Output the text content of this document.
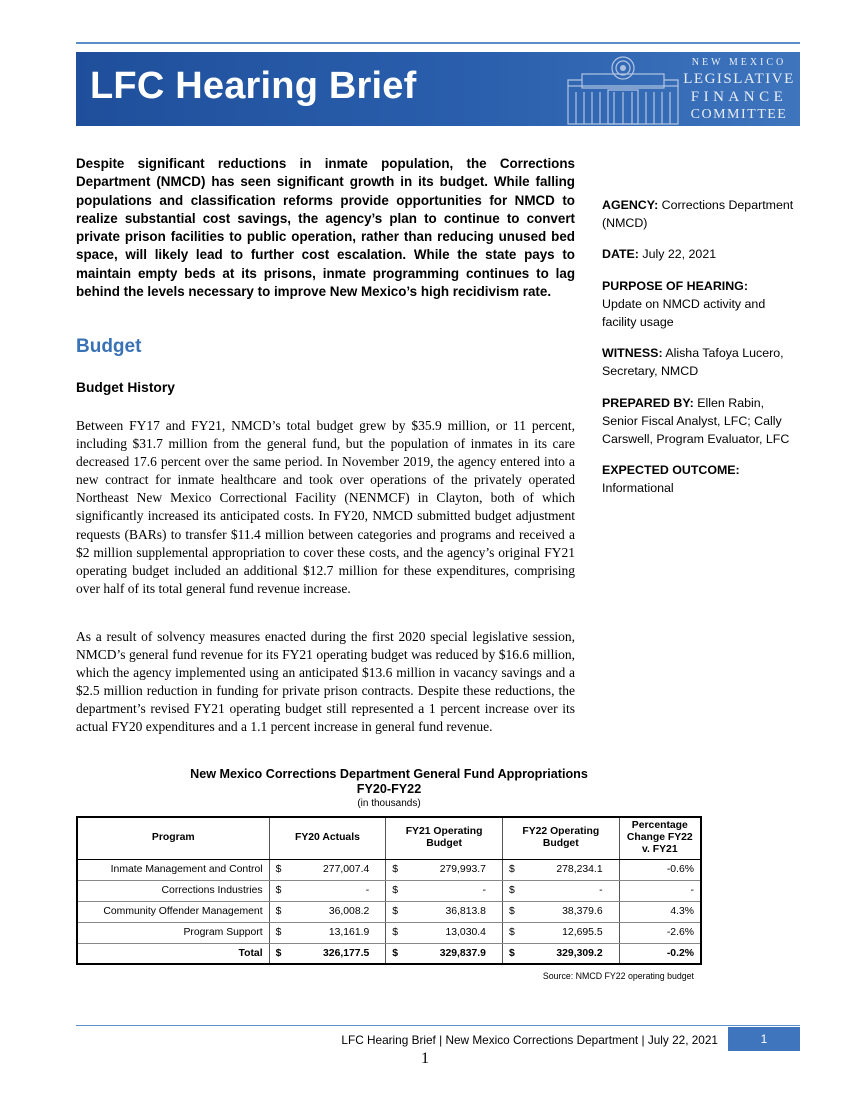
LFC Hearing Brief
NEW MEXICO
LEGISLATIVE
FINANCE
COMMITTEE
Despite significant reductions in inmate population, the Corrections Department (NMCD) has seen significant growth in its budget. While falling populations and classification reforms provide opportunities for NMCD to realize substantial cost savings, the agency’s plan to continue to convert private prison facilities to public operation, rather than reducing unused bed space, will likely lead to further cost escalation. While the state pays to maintain empty beds at its prisons, inmate programming continues to lag behind the levels necessary to improve New Mexico’s high recidivism rate.
AGENCY: Corrections Department (NMCD)
DATE: July 22, 2021
PURPOSE OF HEARING:
Update on NMCD activity and facility usage
WITNESS: Alisha Tafoya Lucero, Secretary, NMCD
PREPARED BY: Ellen Rabin, Senior Fiscal Analyst, LFC; Cally Carswell, Program Evaluator, LFC
EXPECTED OUTCOME:
Informational
Budget
Budget History
Between FY17 and FY21, NMCD’s total budget grew by $35.9 million, or 11 percent, including $31.7 million from the general fund, but the population of inmates in its care decreased 17.6 percent over the same period. In November 2019, the agency entered into a new contract for inmate healthcare and took over operations of the privately operated Northeast New Mexico Correctional Facility (NENMCF) in Clayton, both of which significantly increased its anticipated costs. In FY20, NMCD submitted budget adjustment requests (BARs) to transfer $11.4 million between categories and programs and received a $2 million supplemental appropriation to cover these costs, and the agency’s original FY21 operating budget included an additional $12.7 million for these expenditures, comprising over half of its total general fund revenue increase.
As a result of solvency measures enacted during the first 2020 special legislative session, NMCD’s general fund revenue for its FY21 operating budget was reduced by $16.6 million, which the agency implemented using an anticipated $13.6 million in vacancy savings and a $2.5 million reduction in funding for private prison contracts. Despite these reductions, the department’s revised FY21 operating budget still represented a 1 percent increase over its actual FY20 expenditures and a 1.1 percent increase in general fund revenue.
New Mexico Corrections Department General Fund Appropriations
FY20-FY22
(in thousands)
Program	FY20 Actuals	FY21 Operating Budget	FY22 Operating Budget	Percentage Change FY22 v. FY21
Inmate Management and Control	$ 277,007.4	$ 279,993.7	$ 278,234.1	-0.6%
Corrections Industries	$ -	$ -	$ -	-
Community Offender Management	$ 36,008.2	$ 36,813.8	$ 38,379.6	4.3%
Program Support	$ 13,161.9	$ 13,030.4	$ 12,695.5	-2.6%
Total	$ 326,177.5	$ 329,837.9	$ 329,309.2	-0.2%
Source: NMCD FY22 operating budget
LFC Hearing Brief | New Mexico Corrections Department | July 22, 2021	1
1
